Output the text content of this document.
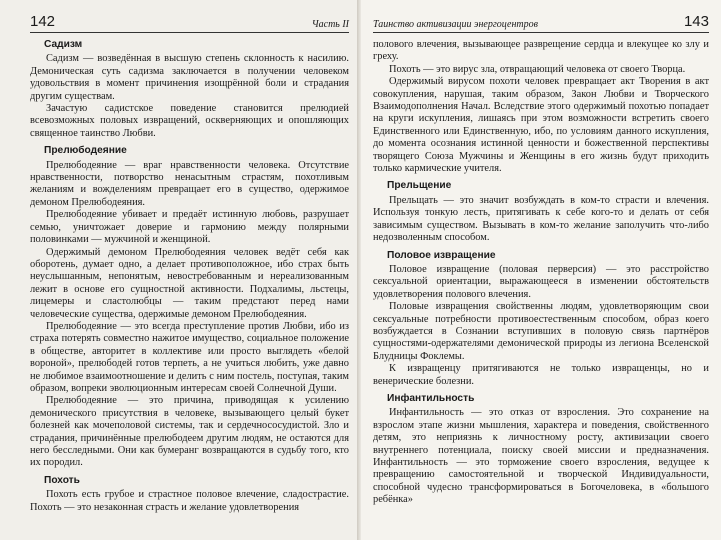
142	Часть II
Садизм

Садизм — возведённая в высшую степень склонность к насилию. Демоническая суть садизма заключается в получении человеком удовольствия в момент причинения изощрённой боли и страдания другим существам.

Зачастую садистское поведение становится прелюдией всевозможных половых извращений, оскверняющих и опошляющих священное таинство Любви.

Прелюбодеяние

Прелюбодеяние — враг нравственности человека. Отсутствие нравственности, потворство ненасытным страстям, похотливым желаниям и вожделениям превращает его в существо, одержимое демоном Прелюбодеяния.

Прелюбодеяние убивает и предаёт истинную любовь, разрушает семью, уничтожает доверие и гармонию между полярными половинками — мужчиной и женщиной.

Одержимый демоном Прелюбодеяния человек ведёт себя как оборотень, думает одно, а делает противоположное, ибо страх быть неуслышанным, непонятым, невостребованным и нереализованным лежит в основе его сущностной активности. Подхалимы, льстецы, лицемеры и сластолюбцы — таким предстают перед нами человеческие существа, одержимые демоном Прелюбодеяния.

Прелюбодеяние — это всегда преступление против Любви, ибо из страха потерять совместно нажитое имущество, социальное положение в обществе, авторитет в коллективе или просто выглядеть «белой вороной», прелюбодей готов терпеть, а не учиться любить, уже давно не любимое взаимоотношение и делить с ним постель, поступая, таким образом, вопреки эволюционным интересам своей Солнечной Души.

Прелюбодеяние — это причина, приводящая к усилению демонического присутствия в человеке, вызывающего целый букет болезней как мочеполовой системы, так и сердечнососудистой. Зло и страдания, причинённые прелюбодеем другим людям, не остаются для него бесследными. Они как бумеранг возвращаются в судьбу того, кто их породил.

Похоть

Похоть есть грубое и страстное половое влечение, сладострастие. Похоть — это незаконная страсть и желание удовлетворения

Таинство активизации энергоцентров	143

полового влечения, вызывающее разврещение сердца и влекущее ко злу и греху.

Похоть — это вирус зла, отвращающий человека от своего Творца.

Одержимый вирусом похоти человек превращает акт Творения в акт совокупления, нарушая, таким образом, Закон Любви и Творческого Взаимодополнения Начал. Вследствие этого одержимый похотью попадает на круги искупления, лишаясь при этом возможности встретить своего Единственного или Единственную, ибо, по условиям данного искупления, до момента осознания истинной ценности и божественной перспективы творящего Союза Мужчины и Женщины в его жизнь будут приходить только кармические учителя.

Прельщение

Прельщать — это значит возбуждать в ком-то страсти и влечения. Используя тонкую лесть, притягивать к себе кого-то и делать от себя зависимым существом. Вызывать в ком-то желание заполучить что-либо недозволенным способом.

Половое извращение

Половое извращение (половая перверсия) — это расстройство сексуальной ориентации, выражающееся в изменении обстоятельств удовлетворения полового влечения.

Половые извращения свойственны людям, удовлетворяющим свои сексуальные потребности противоестественным способом, образ коего возбуждается в Сознании вступивших в половую связь партнёров сущностями-одержателями демонической природы из легиона Вселенской Блудницы Фоклемы.

К извращенцу притягиваются не только извращенцы, но и венерические болезни.

Инфантильность

Инфантильность — это отказ от взросления. Это сохранение на взрослом этапе жизни мышления, характера и поведения, свойственного детям, это неприязнь к личностному росту, активизации своего внутреннего потенциала, поиску своей миссии и предназначения. Инфантильность — это торможение своего взросления, ведущее к превращению самостоятельной и творческой Индивидуальности, способной чудесно трансформироваться в Богочеловека, в «большого ребёнка»
